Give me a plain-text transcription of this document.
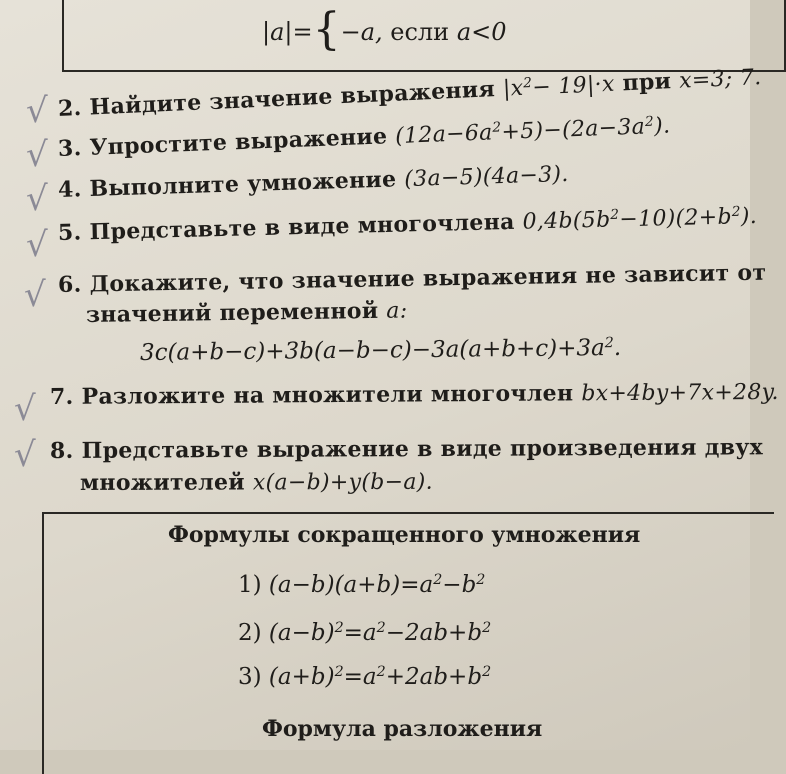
|a|={−a, если a<0
√ 2. Найдите значение выражения $|x^2- 19|\cdot x$ при x=3; 7.
√ 3. Упростите выражение $(12a-6a^2+5)-(2a-3a^2)$.
√ 4. Выполните умножение (3a−5)(4a−3).
√ 5. Представьте в виде многочлена $0,4b(5b^2-10)(2+b^2)$.
√ 6. Докажите, что значение выражения не зависит от
значений переменной a:
$3c(a+b-c)+3b(a-b-c)-3a(a+b+c)+3a^2$.
√ 7. Разложите на множители многочлен bx+4by+7x+28y.
√ 8. Представьте выражение в виде произведения двух
множителей x(a−b)+y(b−a).
Формулы сокращенного умножения
1) $(a-b)(a+b)=a^2-b^2$
2) $(a-b)^2=a^2-2ab+b^2$
3) $(a+b)^2=a^2+2ab+b^2$
Формула разложения
